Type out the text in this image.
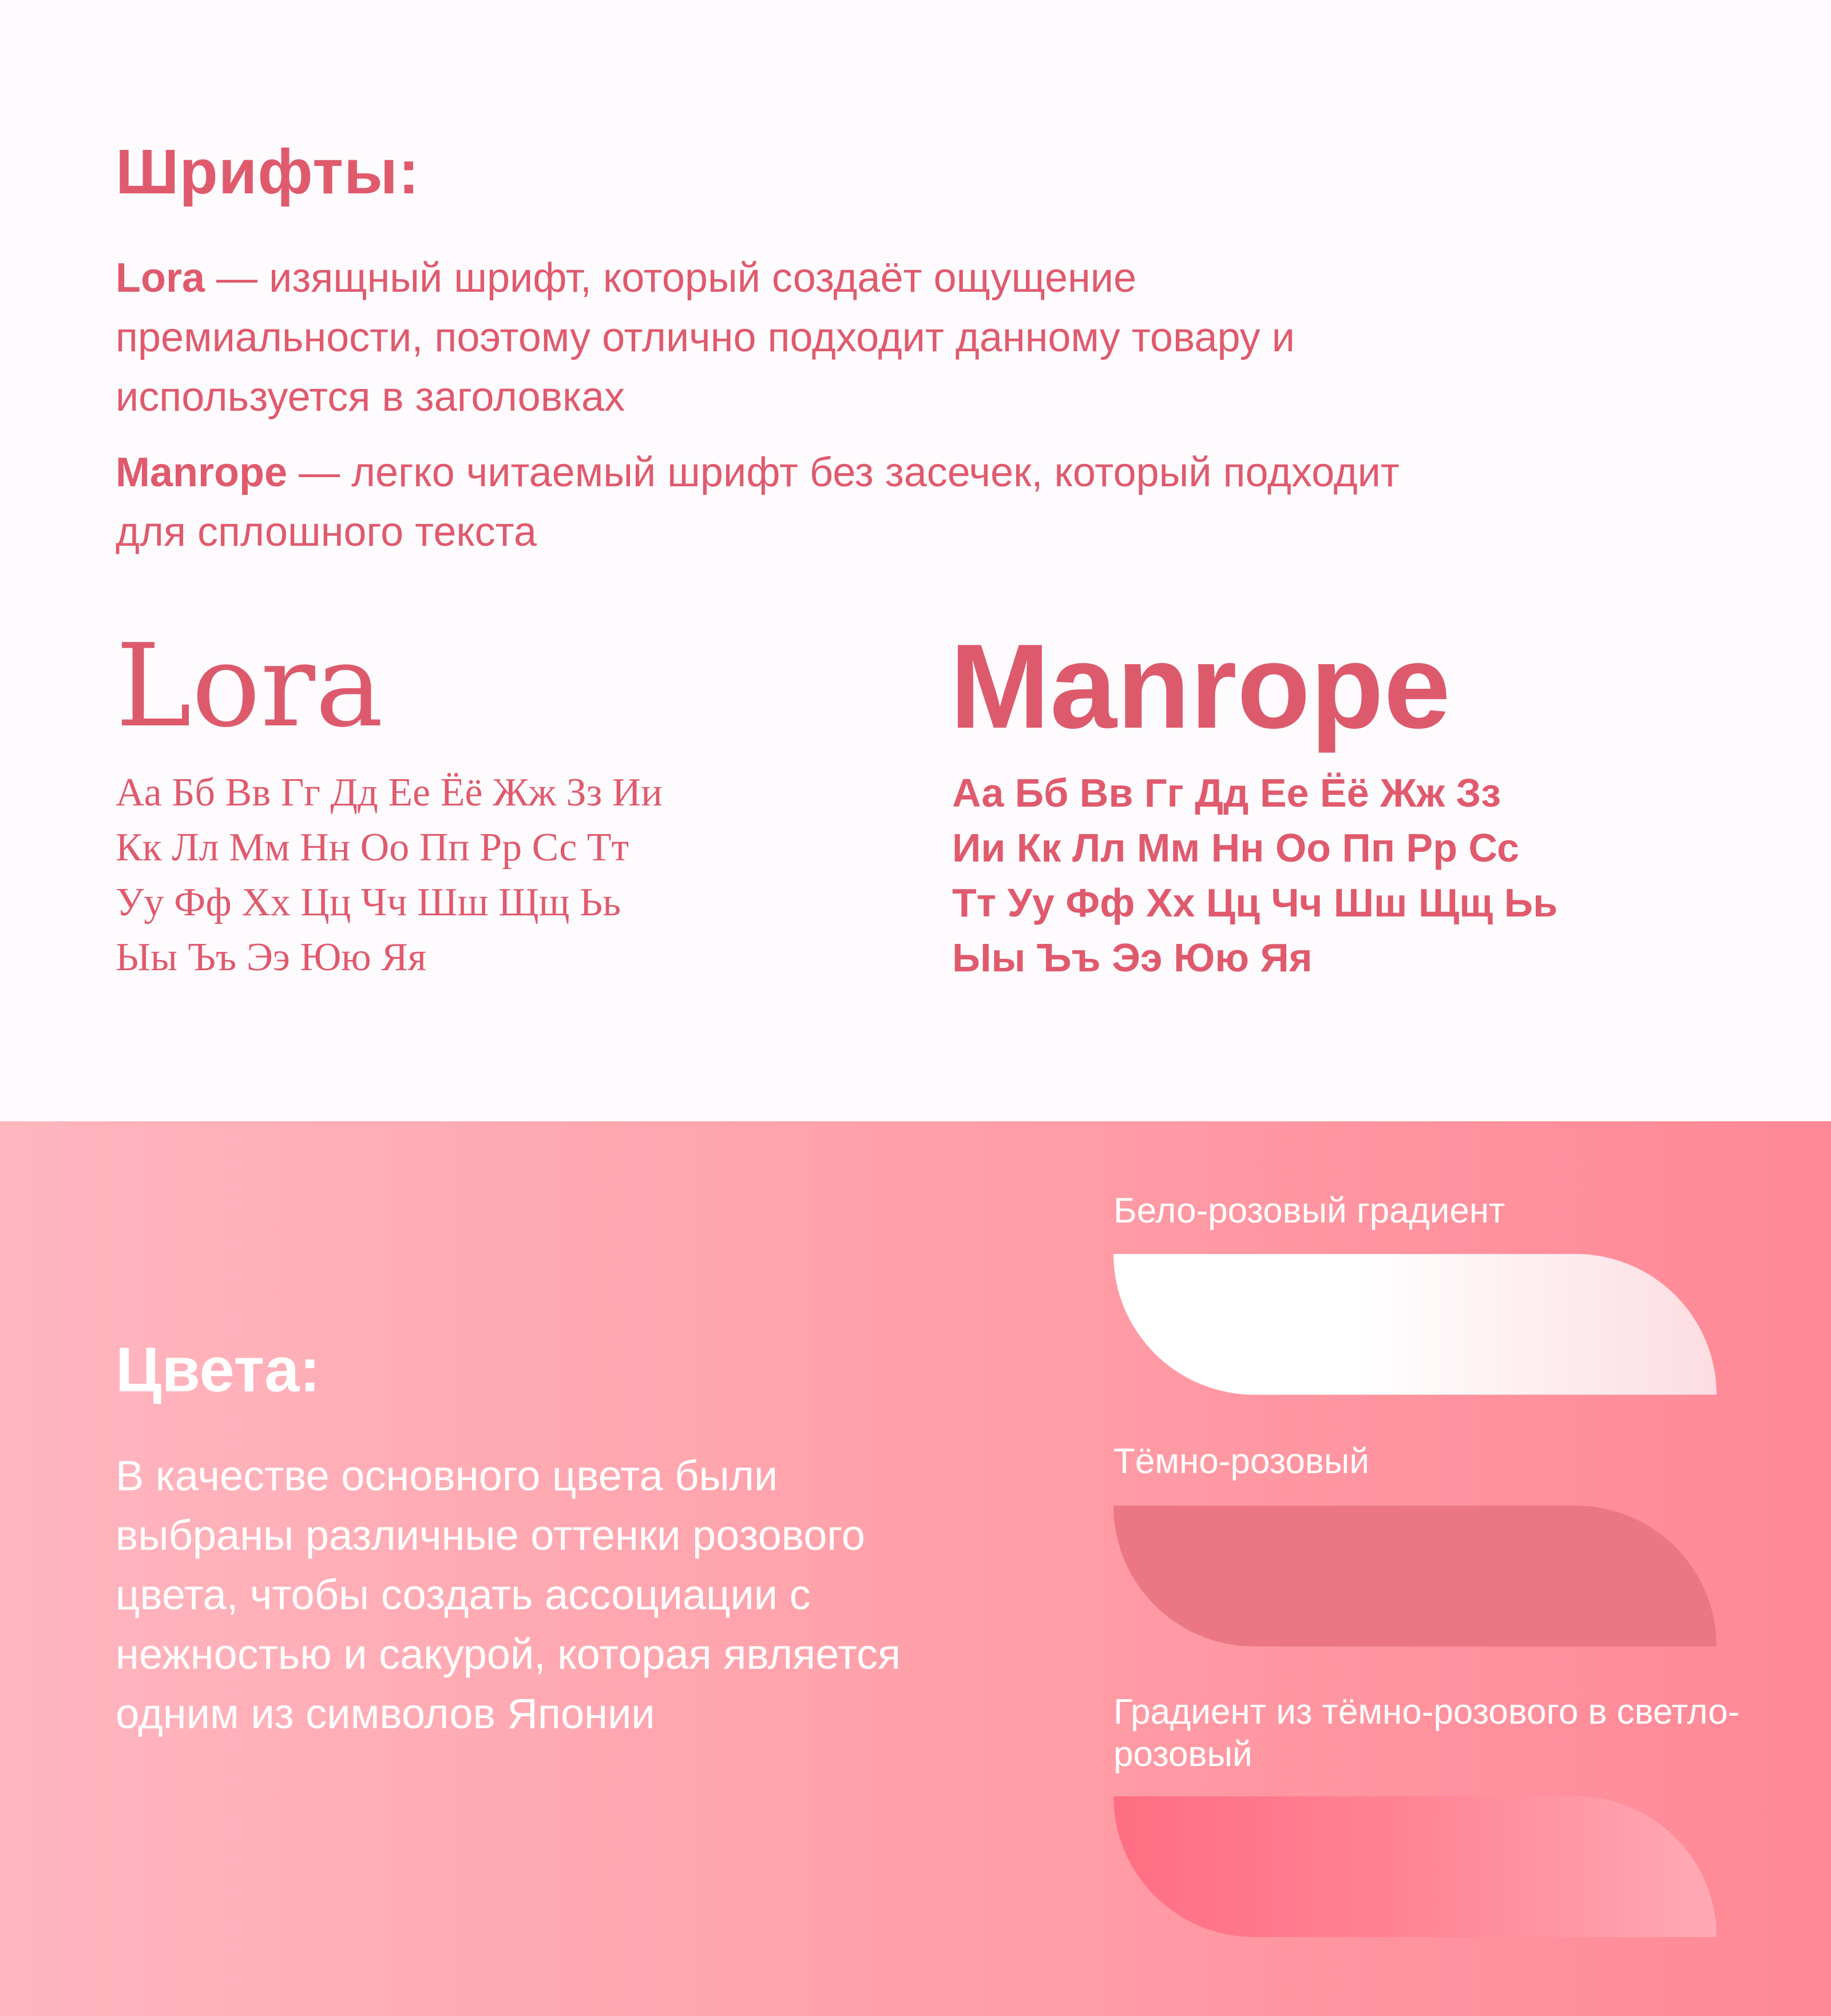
Шрифты:

Lora — изящный шрифт, который создаёт ощущение премиальности, поэтому отлично подходит данному товару и используется в заголовках

Manrope — легко читаемый шрифт без засечек, который подходит для сплошного текста

Lora	Manrope
Аа Бб Вв Гг Дд Ее Ёё Жж Зз Ии
Кк Лл Мм Нн Оо Пп Рр Сс Тт
Уу Фф Хх Цц Чч Шш Щщ Ьь
Ыы Ъъ Ээ Юю Яя
Аа Бб Вв Гг Дд Ее Ёё Жж Зз
Ии Кк Лл Мм Нн Оо Пп Рр Сс
Тт Уу Фф Хх Цц Чч Шш Щщ Ьь
Ыы Ъъ Ээ Юю Яя
Цвета:

В качестве основного цвета были выбраны различные оттенки розового цвета, чтобы создать ассоциации с нежностью и сакурой, которая является одним из символов Японии

Бело-розовый градиент
Тёмно-розовый
Градиент из тёмно-розового в светло-розовый
